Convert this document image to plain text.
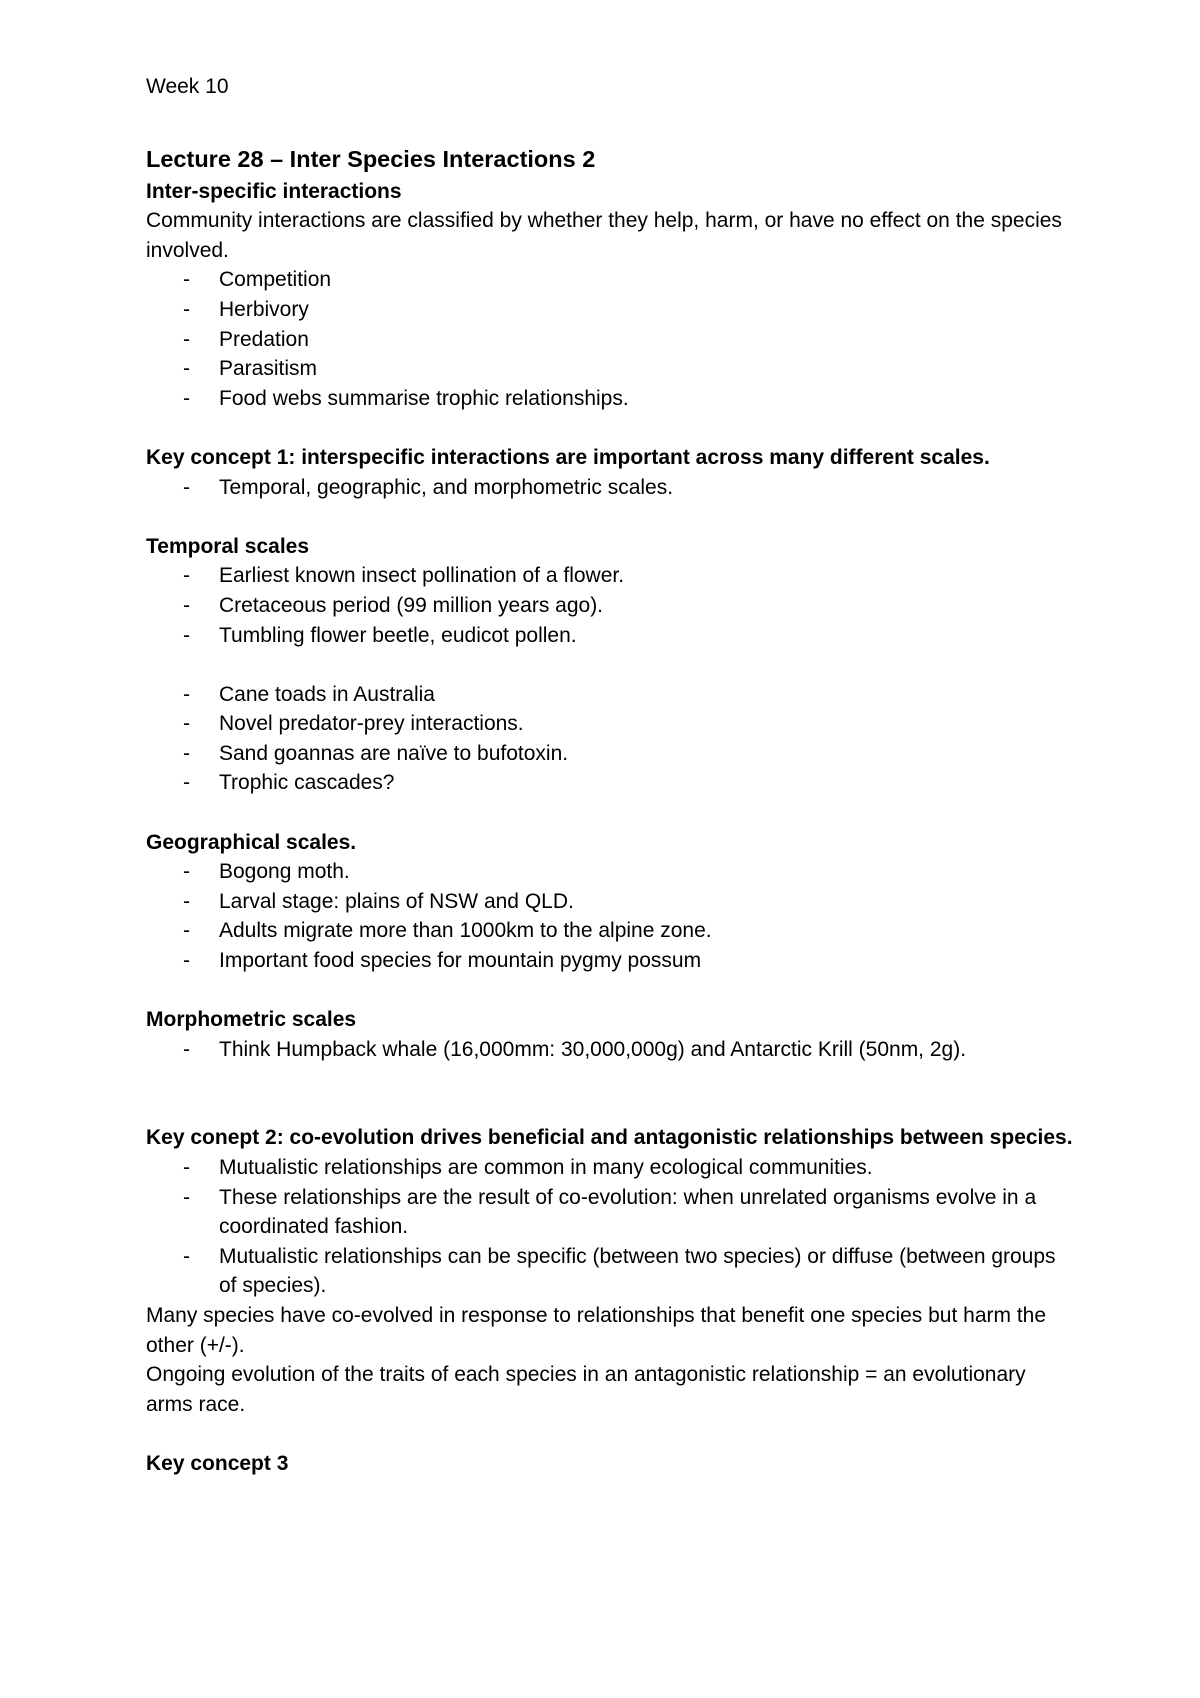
Week 10

Lecture 28 – Inter Species Interactions 2

Inter-specific interactions

Community interactions are classified by whether they help, harm, or have no effect on the species involved.

- Competition
- Herbivory
- Predation
- Parasitism
- Food webs summarise trophic relationships.

Key concept 1: interspecific interactions are important across many different scales.

- Temporal, geographic, and morphometric scales.

Temporal scales

- Earliest known insect pollination of a flower.
- Cretaceous period (99 million years ago).
- Tumbling flower beetle, eudicot pollen.
- Cane toads in Australia
- Novel predator-prey interactions.
- Sand goannas are naïve to bufotoxin.
- Trophic cascades?

Geographical scales.

- Bogong moth.
- Larval stage: plains of NSW and QLD.
- Adults migrate more than 1000km to the alpine zone.
- Important food species for mountain pygmy possum

Morphometric scales

- Think Humpback whale (16,000mm: 30,000,000g) and Antarctic Krill (50nm, 2g).

Key conept 2: co-evolution drives beneficial and antagonistic relationships between species.

- Mutualistic relationships are common in many ecological communities.
- These relationships are the result of co-evolution: when unrelated organisms evolve in a coordinated fashion.
- Mutualistic relationships can be specific (between two species) or diffuse (between groups of species).

Many species have co-evolved in response to relationships that benefit one species but harm the other (+/-).

Ongoing evolution of the traits of each species in an antagonistic relationship = an evolutionary arms race.

Key concept 3
